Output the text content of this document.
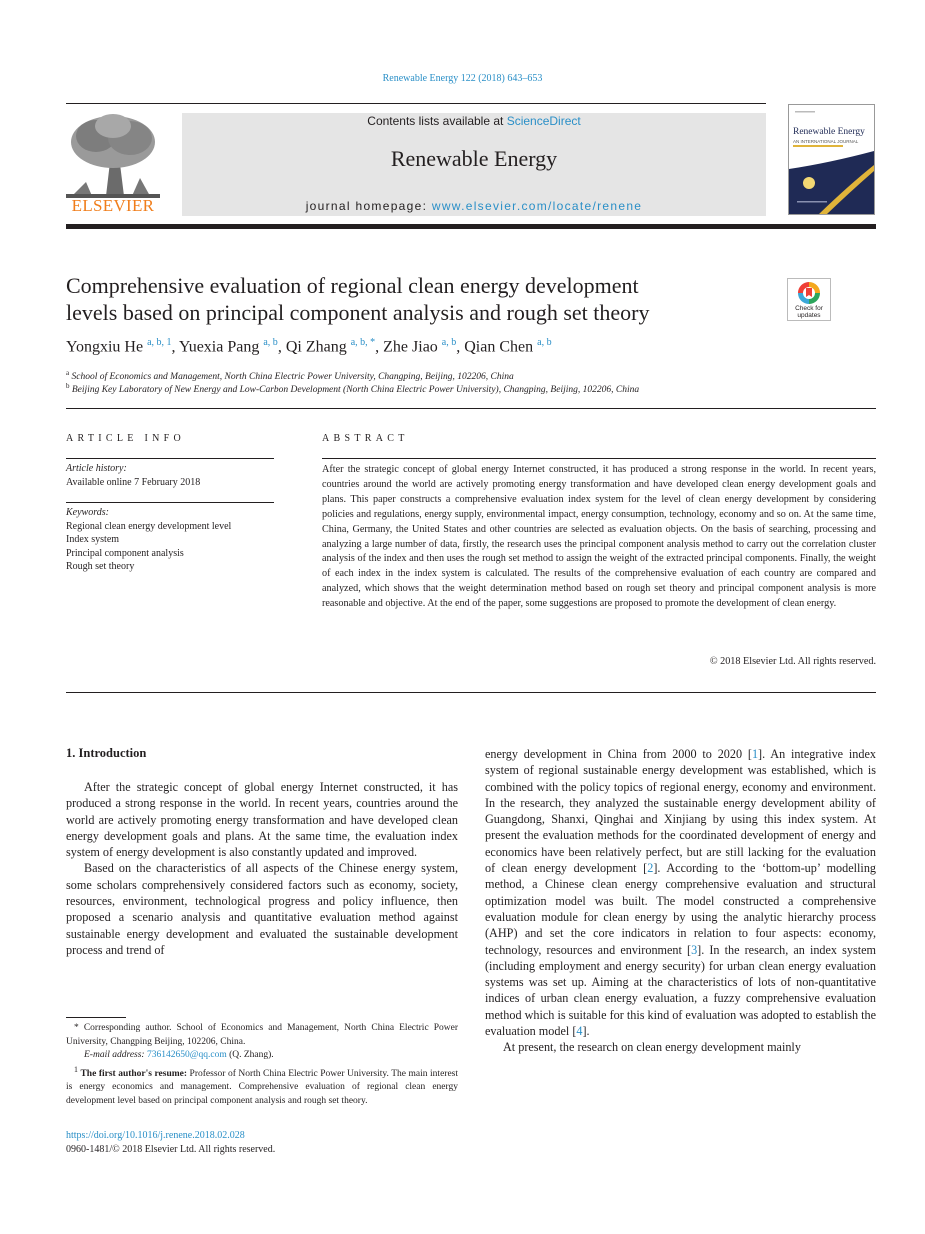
Renewable Energy 122 (2018) 643–653
ELSEVIER
Contents lists available at ScienceDirect
Renewable Energy
journal homepage: www.elsevier.com/locate/renene
Renewable Energy
AN INTERNATIONAL JOURNAL
Comprehensive evaluation of regional clean energy development
levels based on principal component analysis and rough set theory	Check for
updates
Yongxiu He $^{a, b, 1}$, Yuexia Pang $^{a, b}$, Qi Zhang $^{a, b, *}$, Zhe Jiao $^{a, b}$, Qian Chen $^{a, b}$
$^a$ School of Economics and Management, North China Electric Power University, Changping, Beijing, 102206, China
$^b$ Beijing Key Laboratory of New Energy and Low-Carbon Development (North China Electric Power University), Changping, Beijing, 102206, China
ARTICLE INFO
Article history:
Available online 7 February 2018
Keywords:
Regional clean energy development level
Index system
Principal component analysis
Rough set theory
ABSTRACT
After the strategic concept of global energy Internet constructed, it has produced a strong response in the world. In recent years, countries around the world are actively promoting energy transformation and have developed clean energy development goals and plans. This paper constructs a comprehensive evaluation index system for the level of clean energy development by considering policies and regulations, energy supply, environmental impact, energy consumption, technology, economy and so on. At the same time, China, Germany, the United States and other countries are selected as evaluation objects. On the basis of searching, processing and analyzing a large number of data, firstly, the research uses the principal component analysis method to carry out the correlation cluster analysis of the index and then uses the rough set method to assign the weight of the extracted principal components. Finally, the weight of each index in the index system is calculated. The results of the comprehensive evaluation of each country are compared and analyzed, which shows that the weight determination method based on rough set theory and principal component analysis is more reasonable and objective. At the end of the paper, some suggestions are proposed to promote the development of clean energy.
© 2018 Elsevier Ltd. All rights reserved.
1. Introduction

After the strategic concept of global energy Internet constructed, it has produced a strong response in the world. In recent years, countries around the world are actively promoting energy transformation and have developed clean energy development goals and plans. At the same time, the evaluation index system of energy development is also constantly updated and improved.

Based on the characteristics of all aspects of the Chinese energy system, some scholars comprehensively considered factors such as economy, society, resources, environment, technological progress and policy influence, then proposed a scenario analysis and quantitative evaluation method against sustainable energy development and evaluated the sustainable development process and trend of

* Corresponding author. School of Economics and Management, North China Electric Power University, Changping Beijing, 102206, China.

E-mail address: 736142650@qq.com (Q. Zhang).

$^1$ The first author's resume: Professor of North China Electric Power University. The main interest is energy economics and management. Comprehensive evaluation of regional clean energy development level based on principal component analysis and rough set theory.

https://doi.org/10.1016/j.renene.2018.02.028
0960-1481/© 2018 Elsevier Ltd. All rights reserved.

energy development in China from 2000 to 2020 [1]. An integrative index system of regional sustainable energy development was established, which is combined with the policy topics of regional energy, economy and environment. In the research, they analyzed the sustainable energy development ability of Guangdong, Shanxi, Qinghai and Xinjiang by using this index system. At present the evaluation methods for the coordinated development of energy and economics have been relatively perfect, but are still lacking for the evaluation of clean energy development [2]. According to the ‘bottom-up’ modelling method, a Chinese clean energy comprehensive evaluation and structural optimization model was built. The model constructed a comprehensive evaluation module for clean energy by using the analytic hierarchy process (AHP) and set the core indicators in relation to four aspects: economy, technology, resources and environment [3]. In the research, an index system (including employment and energy security) for urban clean energy evaluation systems was set up. Aiming at the characteristics of lots of non-quantitative indices of urban clean energy evaluation, a fuzzy comprehensive evaluation method which is suitable for this kind of evaluation was adopted to establish the evaluation model [4].

At present, the research on clean energy development mainly
